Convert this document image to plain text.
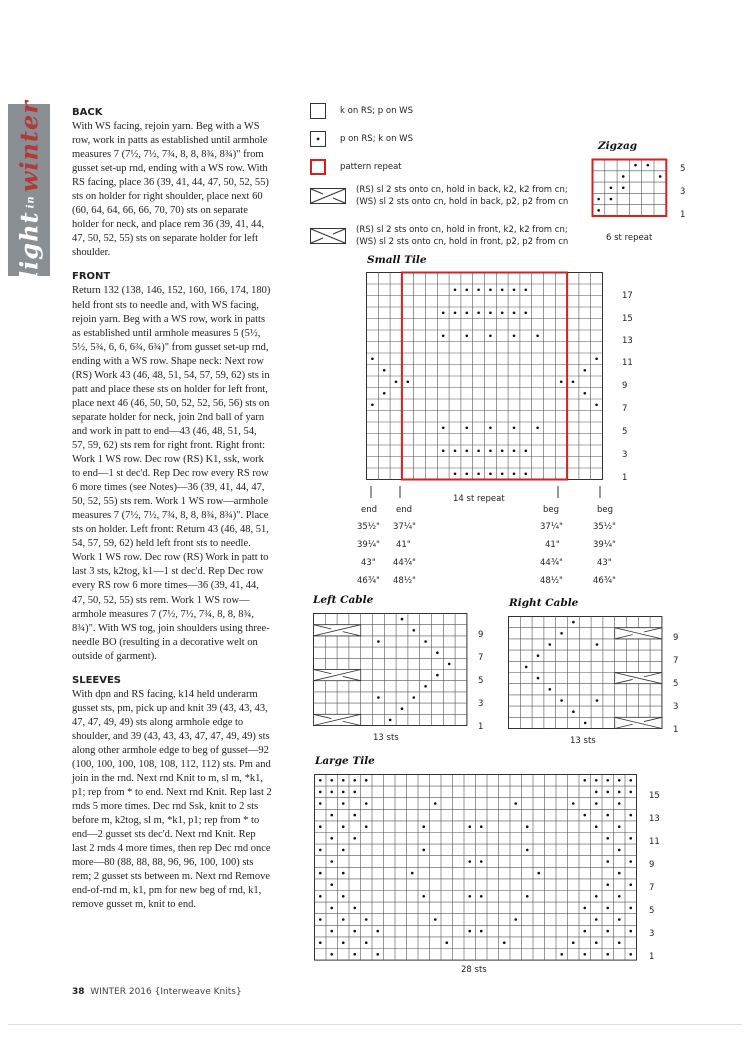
lightinwinter	BACK

With WS facing, rejoin yarn. Beg with a WS row, work in patts as established until armhole measures 7 (7½, 7½, 7¾, 8, 8, 8¾, 8¾)" from gusset set-up rnd, ending with a WS row. With RS facing, place 36 (39, 41, 44, 47, 50, 52, 55) sts on holder for right shoulder, place next 60 (60, 64, 64, 66, 66, 70, 70) sts on separate holder for neck, and place rem 36 (39, 41, 44, 47, 50, 52, 55) sts on separate holder for left shoulder.

FRONT

Return 132 (138, 146, 152, 160, 166, 174, 180) held front sts to needle and, with WS facing, rejoin yarn. Beg with a WS row, work in patts as established until armhole measures 5 (5½, 5½, 5¾, 6, 6, 6¾, 6¾)" from gusset set-up rnd, ending with a WS row. Shape neck: Next row (RS) Work 43 (46, 48, 51, 54, 57, 59, 62) sts in patt and place these sts on holder for left front, place next 46 (46, 50, 50, 52, 52, 56, 56) sts on separate holder for neck, join 2nd ball of yarn and work in patt to end—43 (46, 48, 51, 54, 57, 59, 62) sts rem for right front. Right front: Work 1 WS row. Dec row (RS) K1, ssk, work to end—1 st dec'd. Rep Dec row every RS row 6 more times (see Notes)—36 (39, 41, 44, 47, 50, 52, 55) sts rem. Work 1 WS row—armhole measures 7 (7½, 7½, 7¾, 8, 8, 8¾, 8¾)". Place sts on holder. Left front: Return 43 (46, 48, 51, 54, 57, 59, 62) held left front sts to needle. Work 1 WS row. Dec row (RS) Work in patt to last 3 sts, k2tog, k1—1 st dec'd. Rep Dec row every RS row 6 more times—36 (39, 41, 44, 47, 50, 52, 55) sts rem. Work 1 WS row—armhole measures 7 (7½, 7½, 7¾, 8, 8, 8¾, 8¾)". With WS tog, join shoulders using three-needle BO (resulting in a decorative welt on outside of garment).

SLEEVES

With dpn and RS facing, k14 held underarm gusset sts, pm, pick up and knit 39 (43, 43, 43, 47, 47, 49, 49) sts along armhole edge to shoulder, and 39 (43, 43, 43, 47, 47, 49, 49) sts along other armhole edge to beg of gusset—92 (100, 100, 100, 108, 108, 112, 112) sts. Pm and join in the rnd. Next rnd Knit to m, sl m, *k1, p1; rep from * to end. Next rnd Knit. Rep last 2 rnds 5 more times. Dec rnd Ssk, knit to 2 sts before m, k2tog, sl m, *k1, p1; rep from * to end—2 gusset sts dec'd. Next rnd Knit. Rep last 2 rnds 4 more times, then rep Dec rnd once more—80 (88, 88, 88, 96, 96, 100, 100) sts rem; 2 gusset sts between m. Next rnd Remove end-of-rnd m, k1, pm for new beg of rnd, k1, remove gusset m, knit to end.

38 WINTER 2016 {Interweave Knits}
k on RS; p on WS
• p on RS; k on WS
pattern repeat
(RS) sl 2 sts onto cn, hold in back, k2, k2 from cn;
(WS) sl 2 sts onto cn, hold in back, p2, p2 from cn
(RS) sl 2 sts onto cn, hold in front, k2, k2 from cn;
(WS) sl 2 sts onto cn, hold in front, p2, p2 from cn
Zigzag
5
3
1
6 st repeat
Small Tile
17
15
13
11
9
7
5
3
1
14 st repeat
end end	beg	beg
35½" 37¼"	37¼"	35½"
39¼" 41"	41"	39¼"
43" 44¾"	44¾"	43"
46¾" 48½"	48½"	46¾"
Left Cable
9
7
5
3
1
13 sts
Right Cable
9
7
5
3
1
13 sts
Large Tile
15
13
11
9
7
5
3
1
28 sts
